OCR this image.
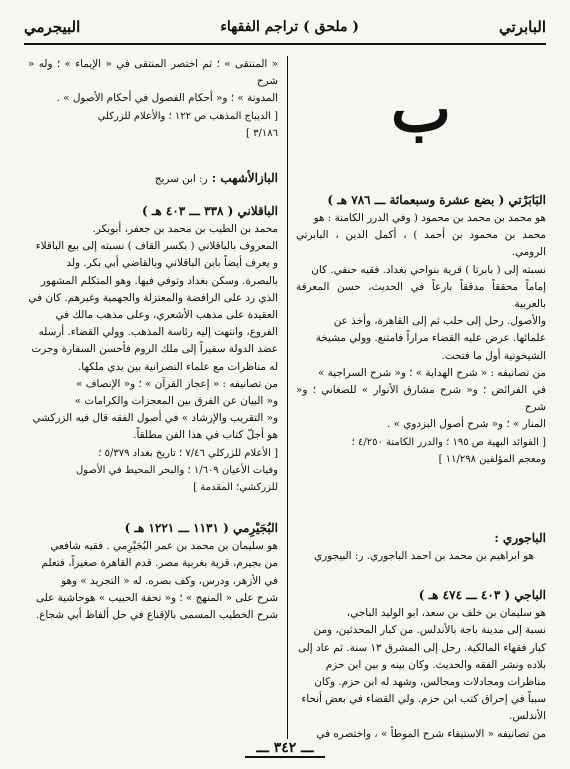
البابرتي
( ملحق ) تراجم الفقهاء
البيجرمي
ب

البَابَرْتي ( بضع عشرة وسبعمائة ـــ ٧٨٦ هـ )

هو محمد بن محمد بن محمود ( وفي الدرر الكامنة : هو

محمد بن محمود بن أحمد ) ، أكمل الدين ، البابرتي الرومي.

نسبته إلى ( بابرتا ) قرية بنواحي بغداد. فقيه حنفي. كان

إماماً محققاً مدققاً بارعاً في الحديث، حسن المعرفة بالعربية

والأصول. رحل إلى حلب ثم إلى القاهرة، وأخذ عن

علمائها. عرض عليه القضاء مراراً فامتنع. وولي مشيخة

الشيخونية أول ما فتحت.

من تصانيفه : « شرح الهداية » ؛ و« شرح السراجية »

في الفرائض ؛ و« شرح مشارق الأنوار » للصغاني ؛ و« شرح

المنار » ؛ و« شرح أصول البزدوي » .

[ الفوائد البهية ص ١٩٥ ؛ والدرر الكامنة ٤/٢٥٠ ؛

ومعجم المؤلفين ١١/٢٩٨ ]

الباجوري :

هو ابراهيم بن محمد بن احمد الباجوري. ر: البيجوري

الباجي ( ٤٠٣ ـــ ٤٧٤ هـ )

هو سليمان بن خلف بن سعد، ابو الوليد الباجي،

نسبة إلى مدينة باجة بالأندلس. من كبار المحدثين، ومن

كبار فقهاء المالكية. رحل إلى المشرق ١٣ سنة. ثم عاد إلى

بلاده ونشر الفقه والحديث. وكان بينه و بين ابن حزم

مناظرات ومجادلات ومجالس، وشهد له ابن حزم. وكان

سبباً في إحراق كتب ابن حزم. ولي القضاء في بعض أنحاء

الأندلس.

من تصانيفه « الاستيفاء شرح الموطأ » ، واختصره في

« المنتقى » ؛ ثم اختصر المنتقى في « الإيماء » ؛ وله « شرح

المدونة » ؛ و« أحكام الفصول في أحكام الأصول » .

[ الديباج المذهب ص ١٢٢ ؛ والأعلام للزركلي

٣/١٨٦ ]

البازالأشهب : ر: ابن سريج

الباقلاني ( ٣٣٨ ـــ ٤٠٣ هـ )

محمد بن الطيب بن محمد بن جعفر، أبوبكر.

المعروف بالباقلاني ( بكسر القاف ) نسبته إلى بيع الباقلاء

و يعرف أيضاً بابن الباقلاني وبالقاضي أبي بكر. ولد

بالبصرة. وسكن بغداد وتوفي فيها. وهو المتكلم المشهور

الذي رد على الرافضة والمعتزلة والجهمية وغيرهم. كان في

العقيدة على مذهب الأشعري، وعلى مذهب مالك في

الفروع، وانتهت إليه رئاسة المذهب. وولي القضاء. أرسله

عضد الدولة سفيراً إلى ملك الروم فأحسن السفارة وجرت

له مناظرات مع علماء النصرانية بين يدي ملكها.

من تصانيفه : « إعجاز القرآن » ؛ و« الإنصاف »

و« البيان عن الفرق بين المعجزات والكرامات »

و« التقريب والإرشاد » في أصول الفقه قال فيه الزركشي

هو أجلّ كتاب في هذا الفن مطلقاً.

[ الأعلام للزركلي ٧/٤٦ ؛ تاريخ بغداد ٥/٣٧٩ ؛

وفيات الأعيان ١/٦٠٩ ؛ والبحر المحيط في الأصول

للزركشي؛ المقدمة ]

البُجَيْرِمي ( ١١٣١ ـــ ١٢٢١ هـ )

هو سليمان بن محمد بن عمر البُجَيْرِمي . فقيه شافعي

من بجيرم، قرية بغربية مصر. قدم القاهرة صغيراً، فتعلم

في الأزهر، ودرس، وكف بصره. له « التجريد » وهو

شرح على « المنهج » ؛ و« تحفة الحبيب » هوحاشية على

شرح الخطيب المسمى بالإقناع في حل ألفاظ أبي شجاع.

ـــ ٣٤٢ ـــ
